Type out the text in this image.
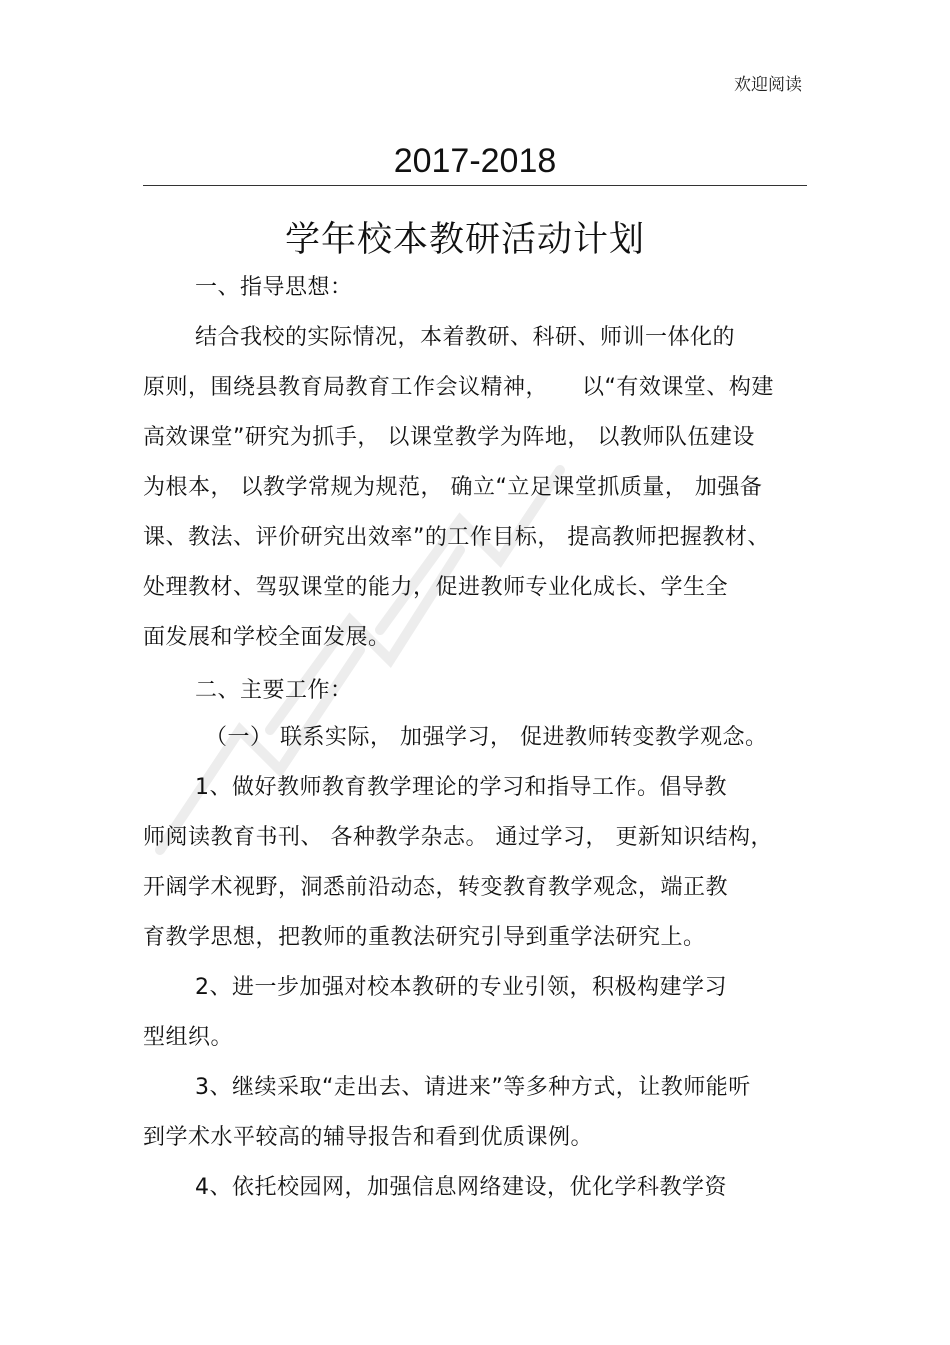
欢迎阅读
2017-2018
学年校本教研活动计划
一、指导思想：
结合我校的实际情况，本着教研、科研、师训一体化的
原则，围绕县教育局教育工作会议精神，　　以“有效课堂、构建
高效课堂”研究为抓手， 以课堂教学为阵地， 以教师队伍建设
为根本， 以教学常规为规范， 确立“立足课堂抓质量， 加强备
课、教法、评价研究出效率”的工作目标， 提高教师把握教材、
处理教材、驾驭课堂的能力，促进教师专业化成长、学生全
面发展和学校全面发展。
二、主要工作：
（一） 联系实际， 加强学习， 促进教师转变教学观念。
1、做好教师教育教学理论的学习和指导工作。倡导教
师阅读教育书刊、 各种教学杂志。 通过学习， 更新知识结构，
开阔学术视野，洞悉前沿动态，转变教育教学观念，端正教
育教学思想，把教师的重教法研究引导到重学法研究上。
2、进一步加强对校本教研的专业引领，积极构建学习
型组织。
3、继续采取“走出去、请进来”等多种方式，让教师能听
到学术水平较高的辅导报告和看到优质课例。
4、依托校园网，加强信息网络建设，优化学科教学资
